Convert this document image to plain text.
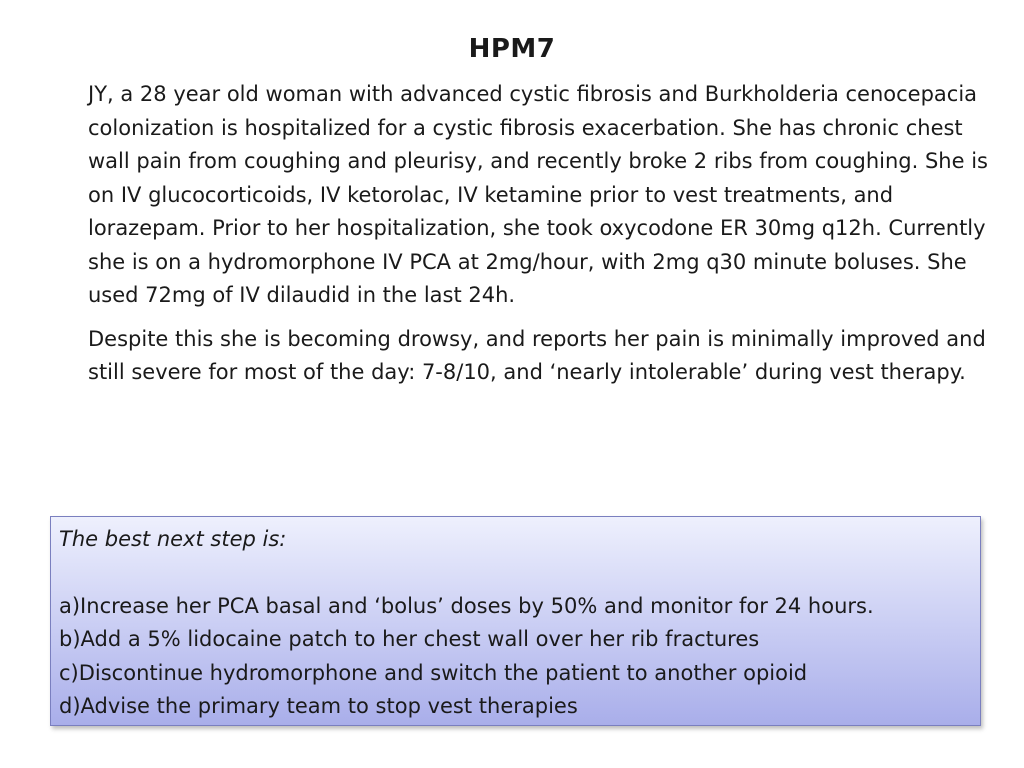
HPM7

JY, a 28 year old woman with advanced cystic fibrosis and Burkholderia cenocepacia colonization is hospitalized for a cystic fibrosis exacerbation. She has chronic chest wall pain from coughing and pleurisy, and recently broke 2 ribs from coughing. She is on IV glucocorticoids, IV ketorolac, IV ketamine prior to vest treatments, and lorazepam. Prior to her hospitalization, she took oxycodone ER 30mg q12h. Currently she is on a hydromorphone IV PCA at 2mg/hour, with 2mg q30 minute boluses. She used 72mg of IV dilaudid in the last 24h.

Despite this she is becoming drowsy, and reports her pain is minimally improved and still severe for most of the day: 7-8/10, and ‘nearly intolerable’ during vest therapy.

The best next step is:

a)Increase her PCA basal and ‘bolus’ doses by 50% and monitor for 24 hours.
b)Add a 5% lidocaine patch to her chest wall over her rib fractures
c)Discontinue hydromorphone and switch the patient to another opioid
d)Advise the primary team to stop vest therapies
